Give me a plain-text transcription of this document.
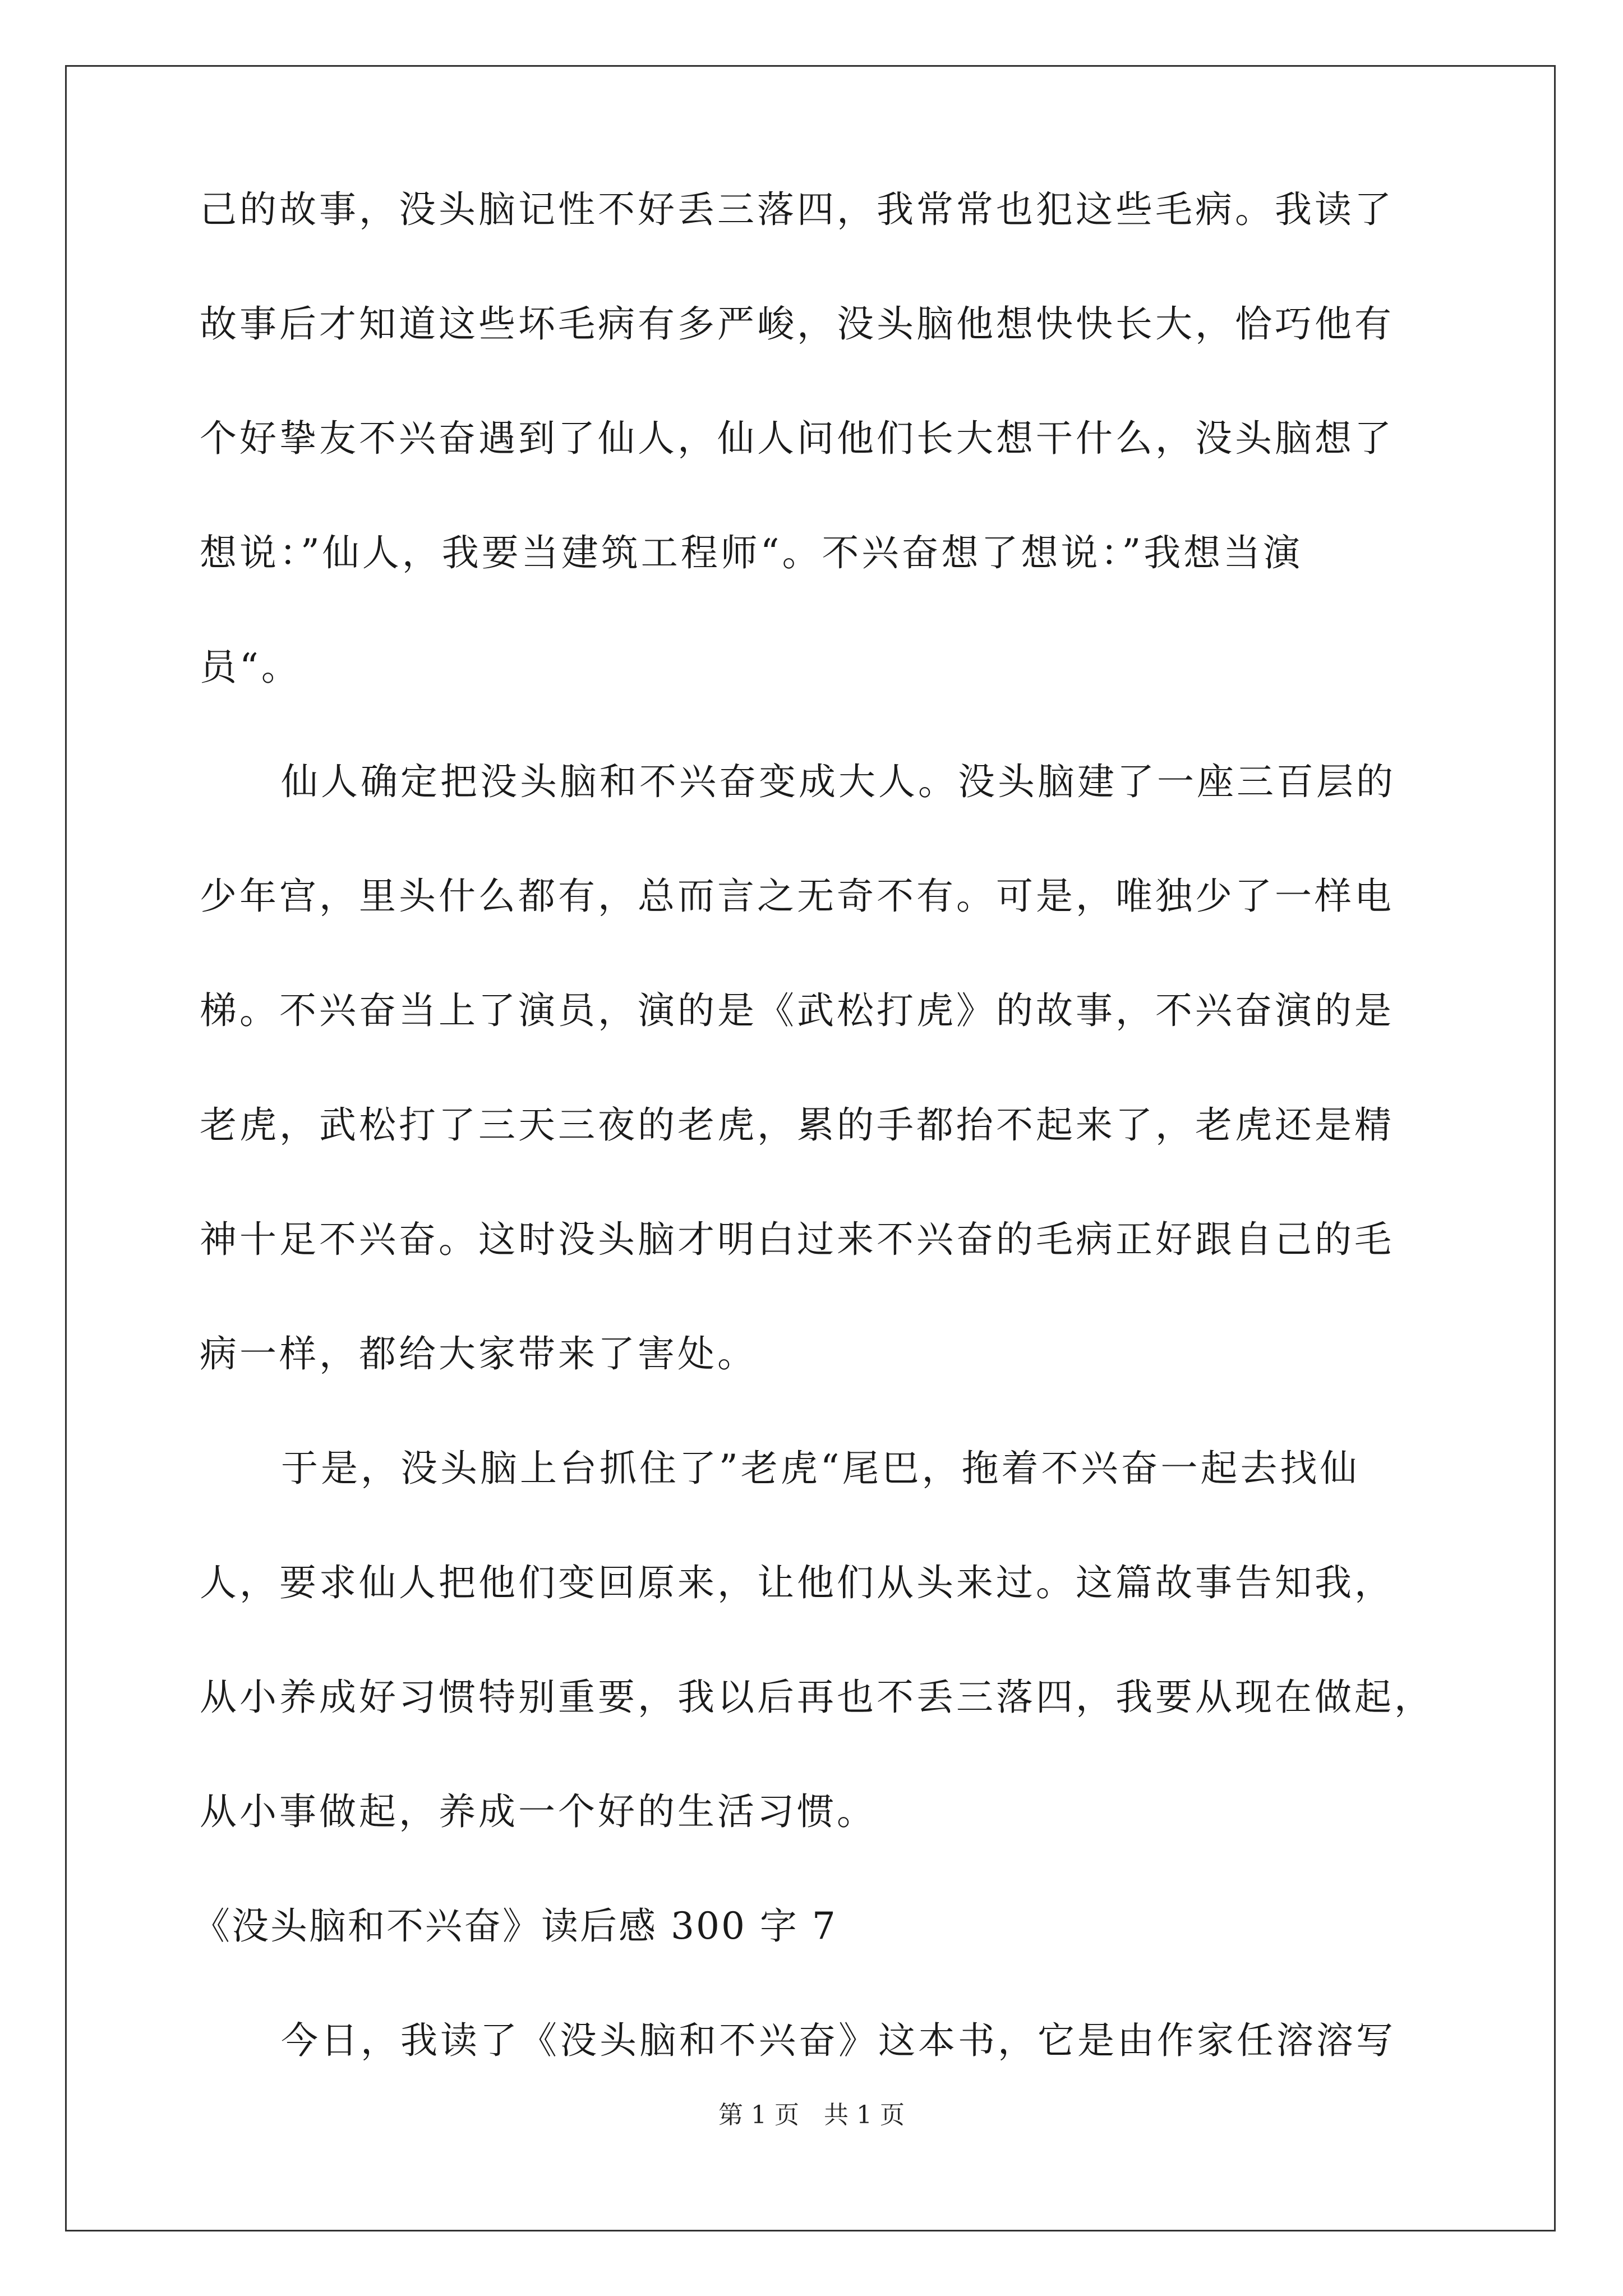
己的故事，没头脑记性不好丢三落四，我常常也犯这些毛病。我读了
故事后才知道这些坏毛病有多严峻，没头脑他想快快长大，恰巧他有
个好挚友不兴奋遇到了仙人，仙人问他们长大想干什么，没头脑想了
想说：”仙人，我要当建筑工程师“。不兴奋想了想说：”我想当演
员“。
仙人确定把没头脑和不兴奋变成大人。没头脑建了一座三百层的
少年宫，里头什么都有，总而言之无奇不有。可是，唯独少了一样电
梯。不兴奋当上了演员，演的是《武松打虎》的故事，不兴奋演的是
老虎，武松打了三天三夜的老虎，累的手都抬不起来了，老虎还是精
神十足不兴奋。这时没头脑才明白过来不兴奋的毛病正好跟自己的毛
病一样，都给大家带来了害处。
于是，没头脑上台抓住了”老虎“尾巴，拖着不兴奋一起去找仙
人，要求仙人把他们变回原来，让他们从头来过。这篇故事告知我，
从小养成好习惯特别重要，我以后再也不丢三落四，我要从现在做起，
从小事做起，养成一个好的生活习惯。
《没头脑和不兴奋》读后感 300 字 7
今日，我读了《没头脑和不兴奋》这本书，它是由作家任溶溶写
第 1 页　共 1 页
